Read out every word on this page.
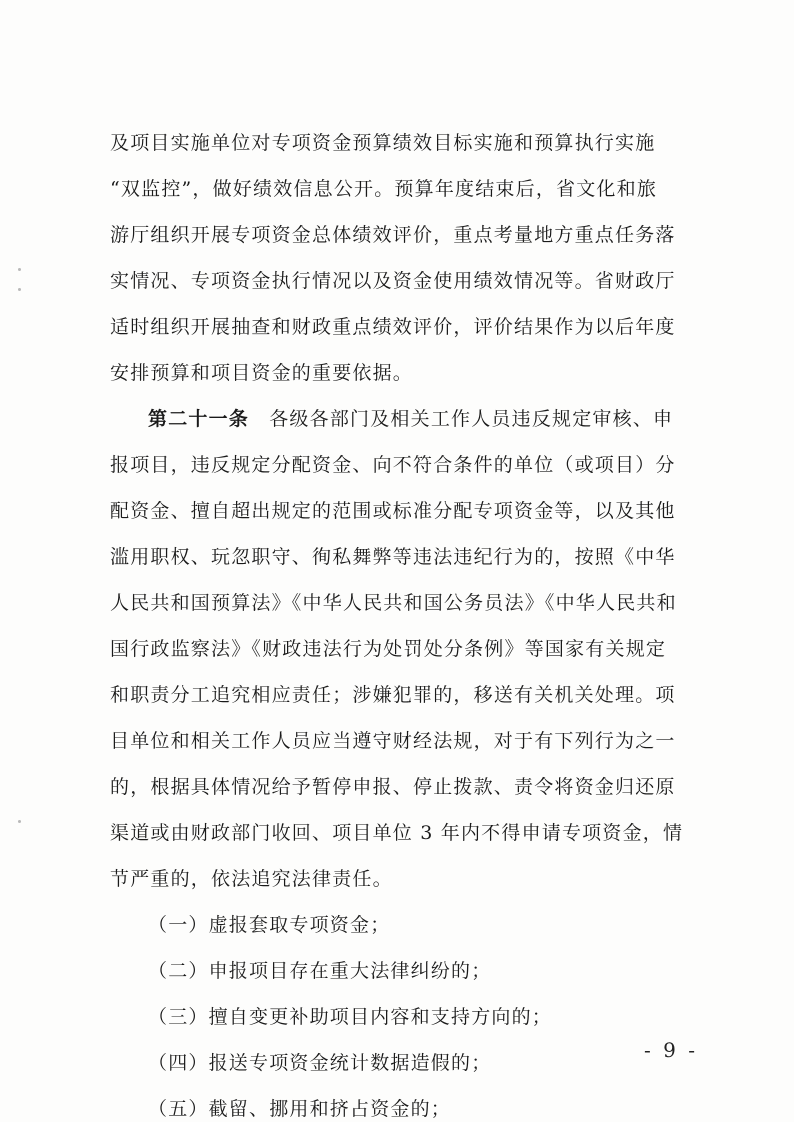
及项目实施单位对专项资金预算绩效目标实施和预算执行实施
“双监控”，做好绩效信息公开。预算年度结束后，省文化和旅
游厅组织开展专项资金总体绩效评价，重点考量地方重点任务落
实情况、专项资金执行情况以及资金使用绩效情况等。省财政厅
适时组织开展抽查和财政重点绩效评价，评价结果作为以后年度
安排预算和项目资金的重要依据。
第二十一条　各级各部门及相关工作人员违反规定审核、申
报项目，违反规定分配资金、向不符合条件的单位（或项目）分
配资金、擅自超出规定的范围或标准分配专项资金等，以及其他
滥用职权、玩忽职守、徇私舞弊等违法违纪行为的，按照《中华
人民共和国预算法》《中华人民共和国公务员法》《中华人民共和
国行政监察法》《财政违法行为处罚处分条例》等国家有关规定
和职责分工追究相应责任；涉嫌犯罪的，移送有关机关处理。项
目单位和相关工作人员应当遵守财经法规，对于有下列行为之一
的，根据具体情况给予暂停申报、停止拨款、责令将资金归还原
渠道或由财政部门收回、项目单位 3 年内不得申请专项资金，情
节严重的，依法追究法律责任。
（一）虚报套取专项资金；
（二）申报项目存在重大法律纠纷的；
（三）擅自变更补助项目内容和支持方向的；
（四）报送专项资金统计数据造假的；
（五）截留、挪用和挤占资金的；
- 9 -
